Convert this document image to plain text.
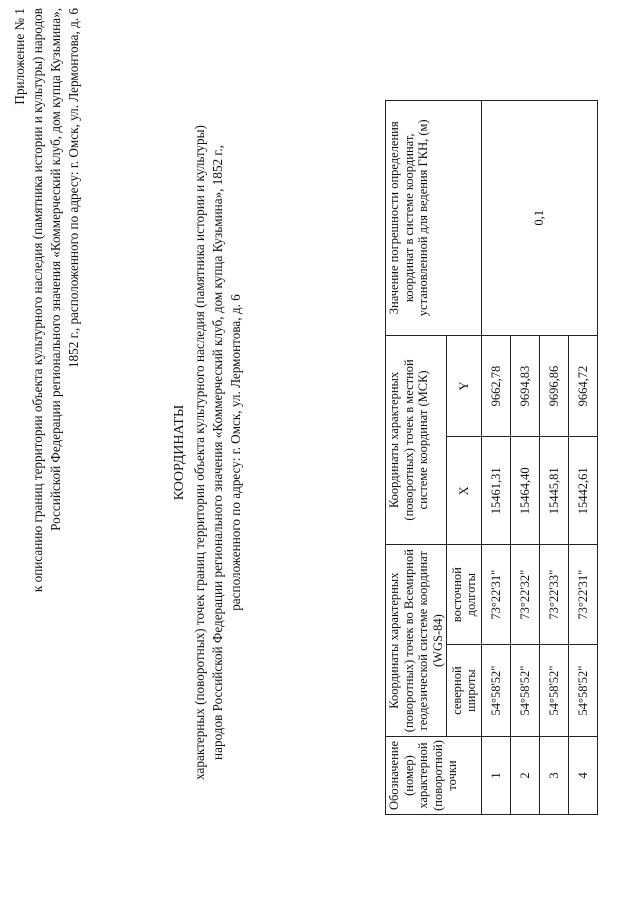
Приложение № 1 к описанию границ территории объекта культурного наследия (памятника истории и культуры) народов Российской Федерации регионального значения «Коммерческий клуб, дом купца Кузьмина», 1852 г., расположенного по адресу: г. Омск, ул. Лермонтова, д. 6
КООРДИНАТЫ характерных (поворотных) точек границ территории объекта культурного наследия (памятника истории и культуры) народов Российской Федерации регионального значения «Коммерческий клуб, дом купца Кузьмина», 1852 г., расположенного по адресу: г. Омск, ул. Лермонтова, д. 6
Обозначение (номер) характерной (поворотной) точки	Координаты характерных (поворотных) точек во Всемирной геодезической системе координат (WGS-84)		Координаты характерных (поворотных) точек в местной системе координат (МСК)		Значение погрешности определения координат в системе координат, установленной для ведения ГКН, (м)
	северной широты	восточной долготы	X	Y	
1	54°58'52"	73°22'31"	15461,31	9662,78	0,1
2	54°58'52"	73°22'32"	15464,40	9694,83	
3	54°58'52"	73°22'33"	15445,81	9696,86	
4	54°58'52"	73°22'31"	15442,61	9664,72	
